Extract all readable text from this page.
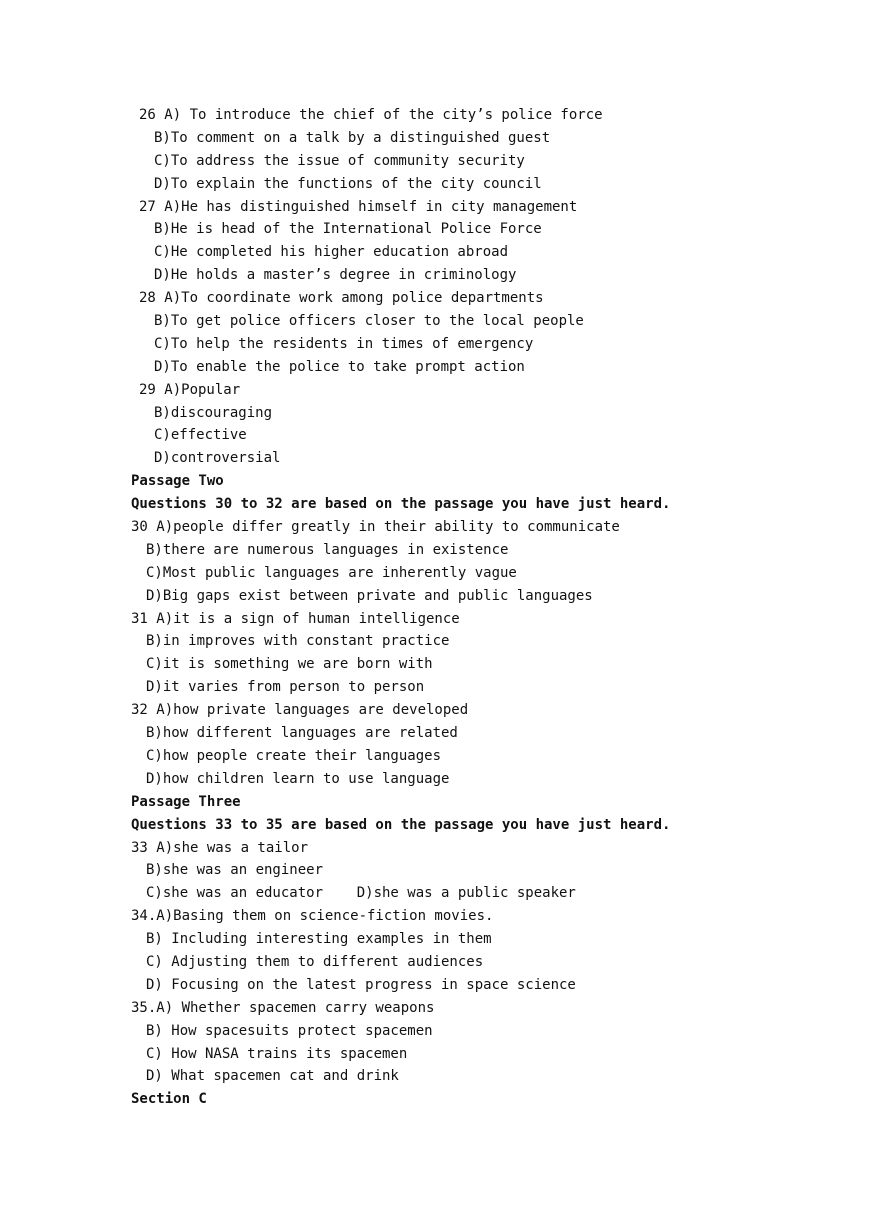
26 A) To introduce the chief of the city’s police force
B)To comment on a talk by a distinguished guest
C)To address the issue of community security
D)To explain the functions of the city council
27 A)He has distinguished himself in city management
B)He is head of the International Police Force
C)He completed his higher education abroad
D)He holds a master’s degree in criminology
28 A)To coordinate work among police departments
B)To get police officers closer to the local people
C)To help the residents in times of emergency
D)To enable the police to take prompt action
29 A)Popular
B)discouraging
C)effective
D)controversial
Passage Two
Questions 30 to 32 are based on the passage you have just heard.
30 A)people differ greatly in their ability to communicate
B)there are numerous languages in existence
C)Most public languages are inherently vague
D)Big gaps exist between private and public languages
31 A)it is a sign of human intelligence
B)in improves with constant practice
C)it is something we are born with
D)it varies from person to person
32 A)how private languages are developed
B)how different languages are related
C)how people create their languages
D)how children learn to use language
Passage Three
Questions 33 to 35 are based on the passage you have just heard.
33 A)she was a tailor
B)she was an engineer
C)she was an educator    D)she was a public speaker
34.A)Basing them on science-fiction movies.
B) Including interesting examples in them
C) Adjusting them to different audiences
D) Focusing on the latest progress in space science
35.A) Whether spacemen carry weapons
B) How spacesuits protect spacemen
C) How NASA trains its spacemen
D) What spacemen cat and drink
Section C
